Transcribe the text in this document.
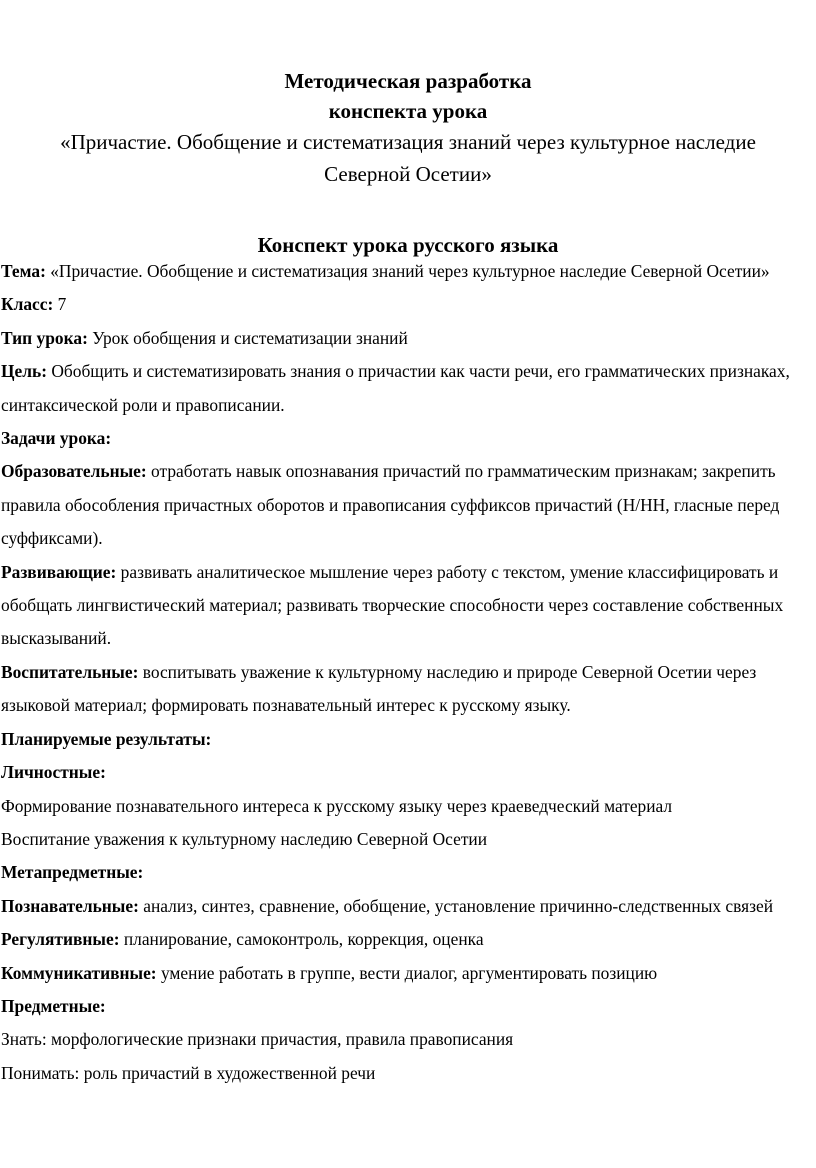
Методическая разработка
конспекта урока
«Причастие. Обобщение и систематизация знаний через культурное наследие
Северной Осетии»
Конспект урока русского языка

Тема: «Причастие. Обобщение и систематизация знаний через культурное наследие Северной Осетии»

Класс: 7

Тип урока: Урок обобщения и систематизации знаний

Цель: Обобщить и систематизировать знания о причастии как части речи, его грамматических признаках, синтаксической роли и правописании.

Задачи урока:

Образовательные: отработать навык опознавания причастий по грамматическим признакам; закрепить правила обособления причастных оборотов и правописания суффиксов причастий (Н/НН, гласные перед суффиксами).

Развивающие: развивать аналитическое мышление через работу с текстом, умение классифицировать и обобщать лингвистический материал; развивать творческие способности через составление собственных высказываний.

Воспитательные: воспитывать уважение к культурному наследию и природе Северной Осетии через языковой материал; формировать познавательный интерес к русскому языку.

Планируемые результаты:

Личностные:

Формирование познавательного интереса к русскому языку через краеведческий материал

Воспитание уважения к культурному наследию Северной Осетии

Метапредметные:

Познавательные: анализ, синтез, сравнение, обобщение, установление причинно-следственных связей

Регулятивные: планирование, самоконтроль, коррекция, оценка

Коммуникативные: умение работать в группе, вести диалог, аргументировать позицию

Предметные:

Знать: морфологические признаки причастия, правила правописания

Понимать: роль причастий в художественной речи
